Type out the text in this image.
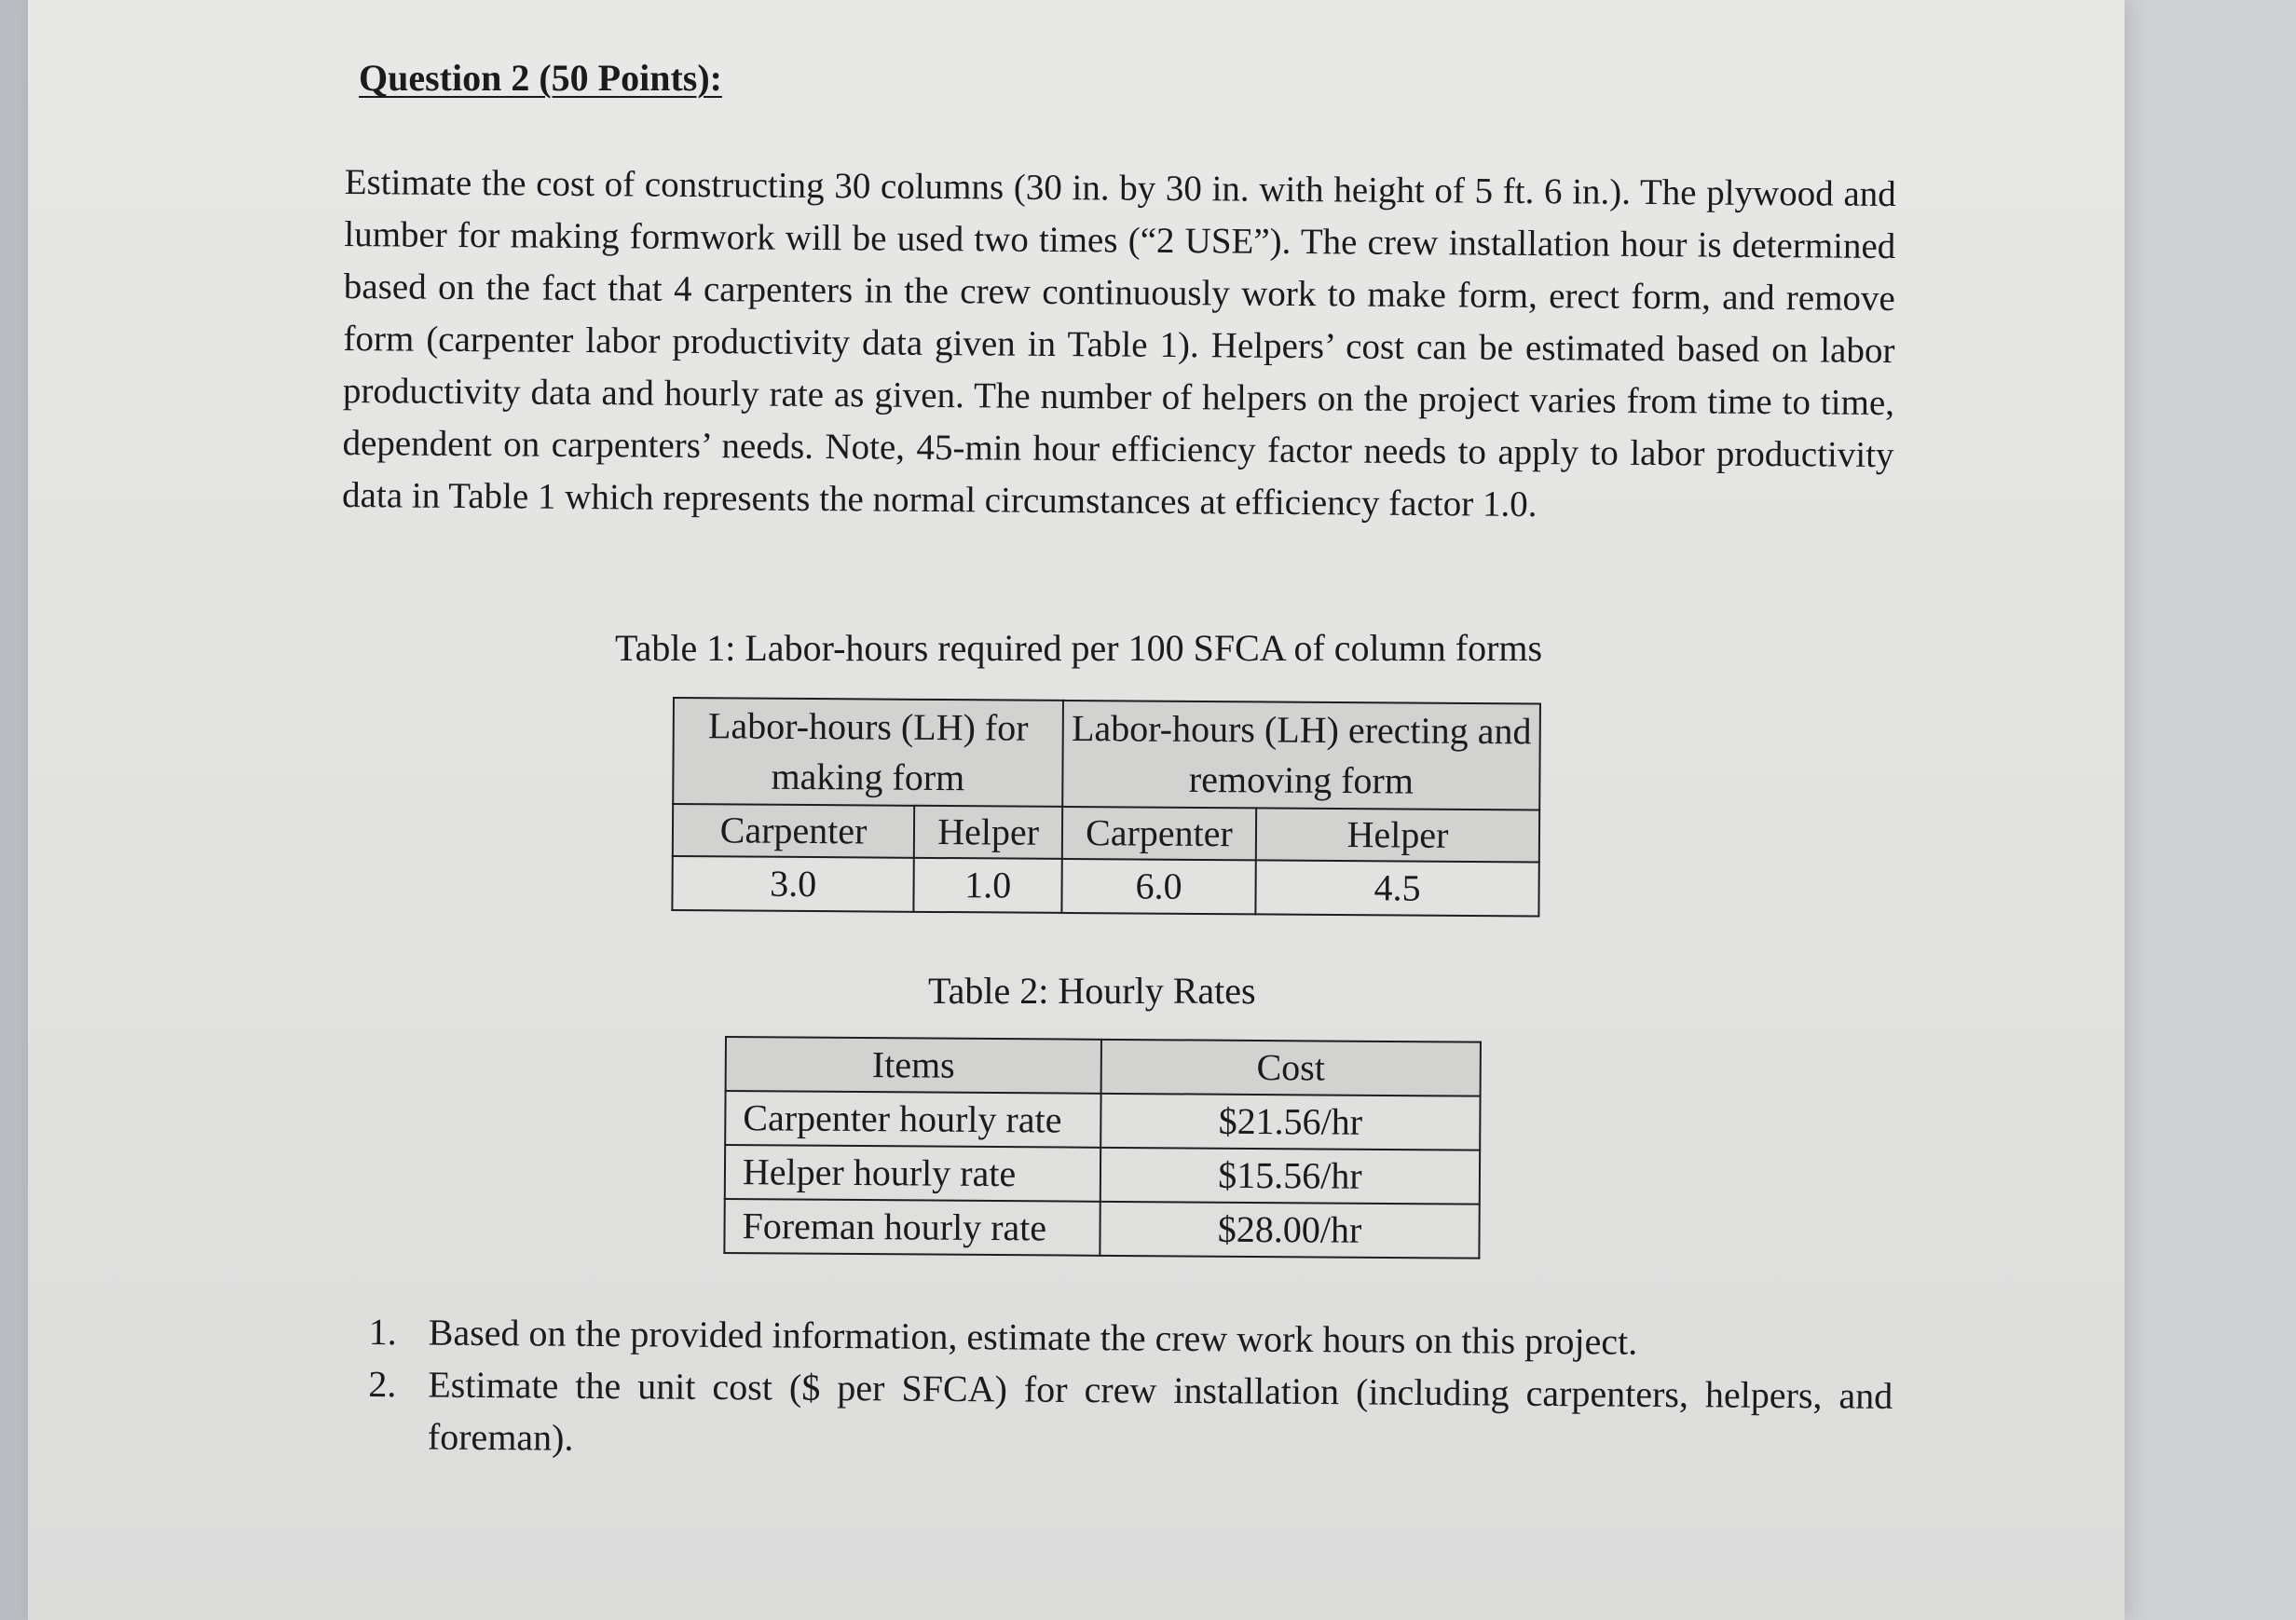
Question 2 (50 Points):
Estimate the cost of constructing 30 columns (30 in. by 30 in. with height of 5 ft. 6 in.). The plywood and lumber for making formwork will be used two times (“2 USE”). The crew installation hour is determined based on the fact that 4 carpenters in the crew continuously work to make form, erect form, and remove form (carpenter labor productivity data given in Table 1). Helpers’ cost can be estimated based on labor productivity data and hourly rate as given. The number of helpers on the project varies from time to time, dependent on carpenters’ needs. Note, 45-min hour efficiency factor needs to apply to labor productivity data in Table 1 which represents the normal circumstances at efficiency factor 1.0.
Table 1: Labor-hours required per 100 SFCA of column forms
Labor-hours (LH) for making form		Labor-hours (LH) erecting and removing form	
Carpenter	Helper	Carpenter	Helper
3.0	1.0	6.0	4.5
Table 2: Hourly Rates
Items	Cost
Carpenter hourly rate	$21.56/hr
Helper hourly rate	$15.56/hr
Foreman hourly rate	$28.00/hr
1. Based on the provided information, estimate the crew work hours on this project.
2. Estimate the unit cost ($ per SFCA) for crew installation (including carpenters, helpers, and foreman).
